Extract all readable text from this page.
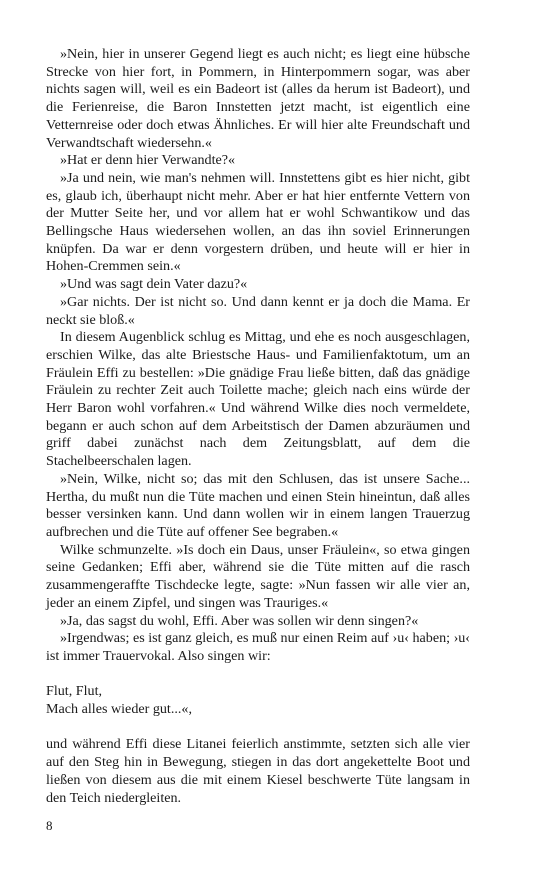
»Nein, hier in unserer Gegend liegt es auch nicht; es liegt eine hübsche Strecke von hier fort, in Pommern, in Hinterpommern sogar, was aber nichts sagen will, weil es ein Badeort ist (alles da herum ist Badeort), und die Ferienreise, die Baron Innstetten jetzt macht, ist eigentlich eine Vetternreise oder doch etwas Ähnliches. Er will hier alte Freundschaft und Verwandtschaft wiedersehn.«

»Hat er denn hier Verwandte?«

»Ja und nein, wie man's nehmen will. Innstettens gibt es hier nicht, gibt es, glaub ich, überhaupt nicht mehr. Aber er hat hier entfernte Vettern von der Mutter Seite her, und vor allem hat er wohl Schwantikow und das Bellingsche Haus wiedersehen wollen, an das ihn soviel Erinnerungen knüpfen. Da war er denn vorgestern drüben, und heute will er hier in Hohen-Cremmen sein.«

»Und was sagt dein Vater dazu?«

»Gar nichts. Der ist nicht so. Und dann kennt er ja doch die Mama. Er neckt sie bloß.«

In diesem Augenblick schlug es Mittag, und ehe es noch ausgeschlagen, erschien Wilke, das alte Briestsche Haus- und Familienfaktotum, um an Fräulein Effi zu bestellen: »Die gnädige Frau ließe bitten, daß das gnädige Fräulein zu rechter Zeit auch Toilette mache; gleich nach eins würde der Herr Baron wohl vorfahren.« Und während Wilke dies noch vermeldete, begann er auch schon auf dem Arbeitstisch der Damen abzuräumen und griff dabei zunächst nach dem Zeitungsblatt, auf dem die Stachelbeerschalen lagen.

»Nein, Wilke, nicht so; das mit den Schlusen, das ist unsere Sache... Hertha, du mußt nun die Tüte machen und einen Stein hineintun, daß alles besser versinken kann. Und dann wollen wir in einem langen Trauerzug aufbrechen und die Tüte auf offener See begraben.«

Wilke schmunzelte. »Is doch ein Daus, unser Fräulein«, so etwa gingen seine Gedanken; Effi aber, während sie die Tüte mitten auf die rasch zusammengeraffte Tischdecke legte, sagte: »Nun fassen wir alle vier an, jeder an einem Zipfel, und singen was Trauriges.«

»Ja, das sagst du wohl, Effi. Aber was sollen wir denn singen?«

»Irgendwas; es ist ganz gleich, es muß nur einen Reim auf ›u‹ haben; ›u‹ ist immer Trauervokal. Also singen wir:

Flut, Flut,
Mach alles wieder gut...«,

und während Effi diese Litanei feierlich anstimmte, setzten sich alle vier auf den Steg hin in Bewegung, stiegen in das dort angekettelte Boot und ließen von diesem aus die mit einem Kiesel beschwerte Tüte langsam in den Teich niedergleiten.

8
